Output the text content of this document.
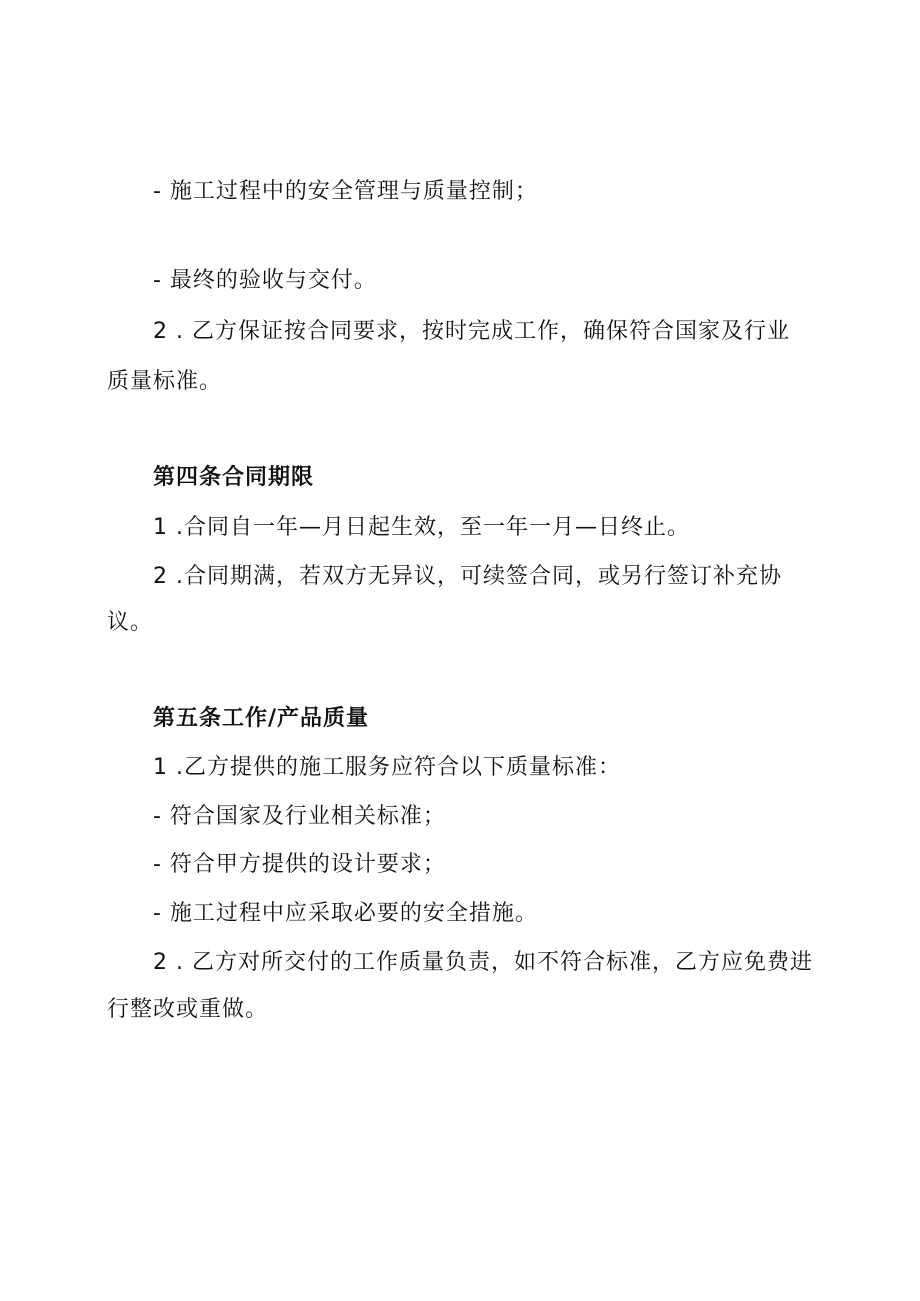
- 施工过程中的安全管理与质量控制；
- 最终的验收与交付。
2 . 乙方保证按合同要求，按时完成工作，确保符合国家及行业
质量标准。
第四条合同期限
1 .合同自一年—月日起生效，至一年一月—日终止。
2 .合同期满，若双方无异议，可续签合同，或另行签订补充协
议。
第五条工作/产品质量
1 .乙方提供的施工服务应符合以下质量标准：
- 符合国家及行业相关标准；
- 符合甲方提供的设计要求；
- 施工过程中应采取必要的安全措施。
2 . 乙方对所交付的工作质量负责，如不符合标准，乙方应免费进
行整改或重做。
